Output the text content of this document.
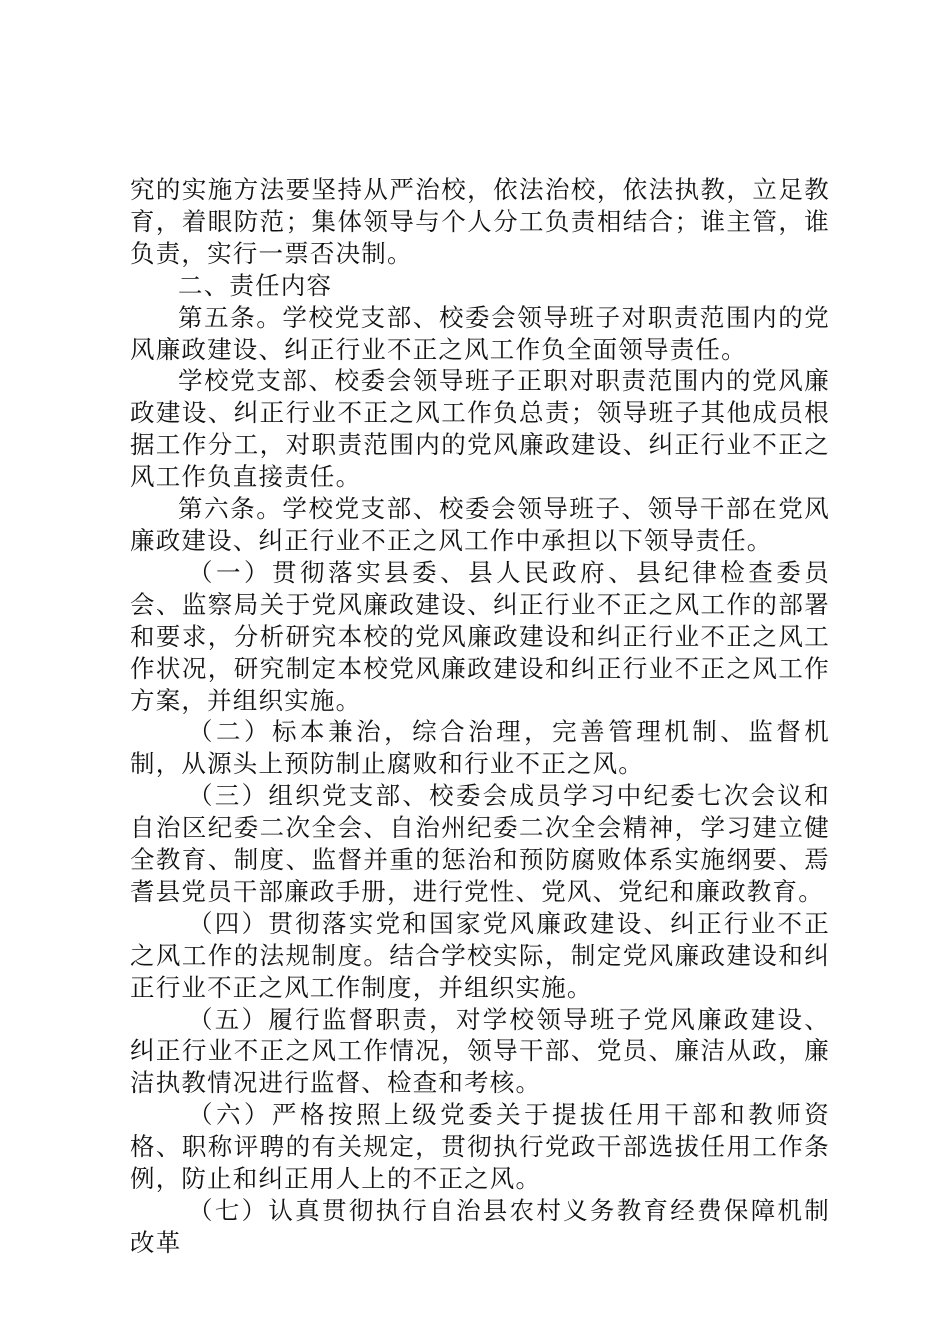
究的实施方法要坚持从严治校，依法治校，依法执教，立足教育，着眼防范；集体领导与个人分工负责相结合；谁主管，谁负责，实行一票否决制。

二、责任内容

第五条。学校党支部、校委会领导班子对职责范围内的党风廉政建设、纠正行业不正之风工作负全面领导责任。

学校党支部、校委会领导班子正职对职责范围内的党风廉政建设、纠正行业不正之风工作负总责；领导班子其他成员根据工作分工，对职责范围内的党风廉政建设、纠正行业不正之风工作负直接责任。

第六条。学校党支部、校委会领导班子、领导干部在党风廉政建设、纠正行业不正之风工作中承担以下领导责任。

（一）贯彻落实县委、县人民政府、县纪律检查委员会、监察局关于党风廉政建设、纠正行业不正之风工作的部署和要求，分析研究本校的党风廉政建设和纠正行业不正之风工作状况，研究制定本校党风廉政建设和纠正行业不正之风工作方案，并组织实施。

（二）标本兼治，综合治理，完善管理机制、监督机制，从源头上预防制止腐败和行业不正之风。

（三）组织党支部、校委会成员学习中纪委七次会议和自治区纪委二次全会、自治州纪委二次全会精神，学习建立健全教育、制度、监督并重的惩治和预防腐败体系实施纲要、焉耆县党员干部廉政手册，进行党性、党风、党纪和廉政教育。

（四）贯彻落实党和国家党风廉政建设、纠正行业不正之风工作的法规制度。结合学校实际，制定党风廉政建设和纠正行业不正之风工作制度，并组织实施。

（五）履行监督职责，对学校领导班子党风廉政建设、纠正行业不正之风工作情况，领导干部、党员、廉洁从政，廉洁执教情况进行监督、检查和考核。

（六）严格按照上级党委关于提拔任用干部和教师资格、职称评聘的有关规定，贯彻执行党政干部选拔任用工作条例，防止和纠正用人上的不正之风。

（七）认真贯彻执行自治县农村义务教育经费保障机制改革
